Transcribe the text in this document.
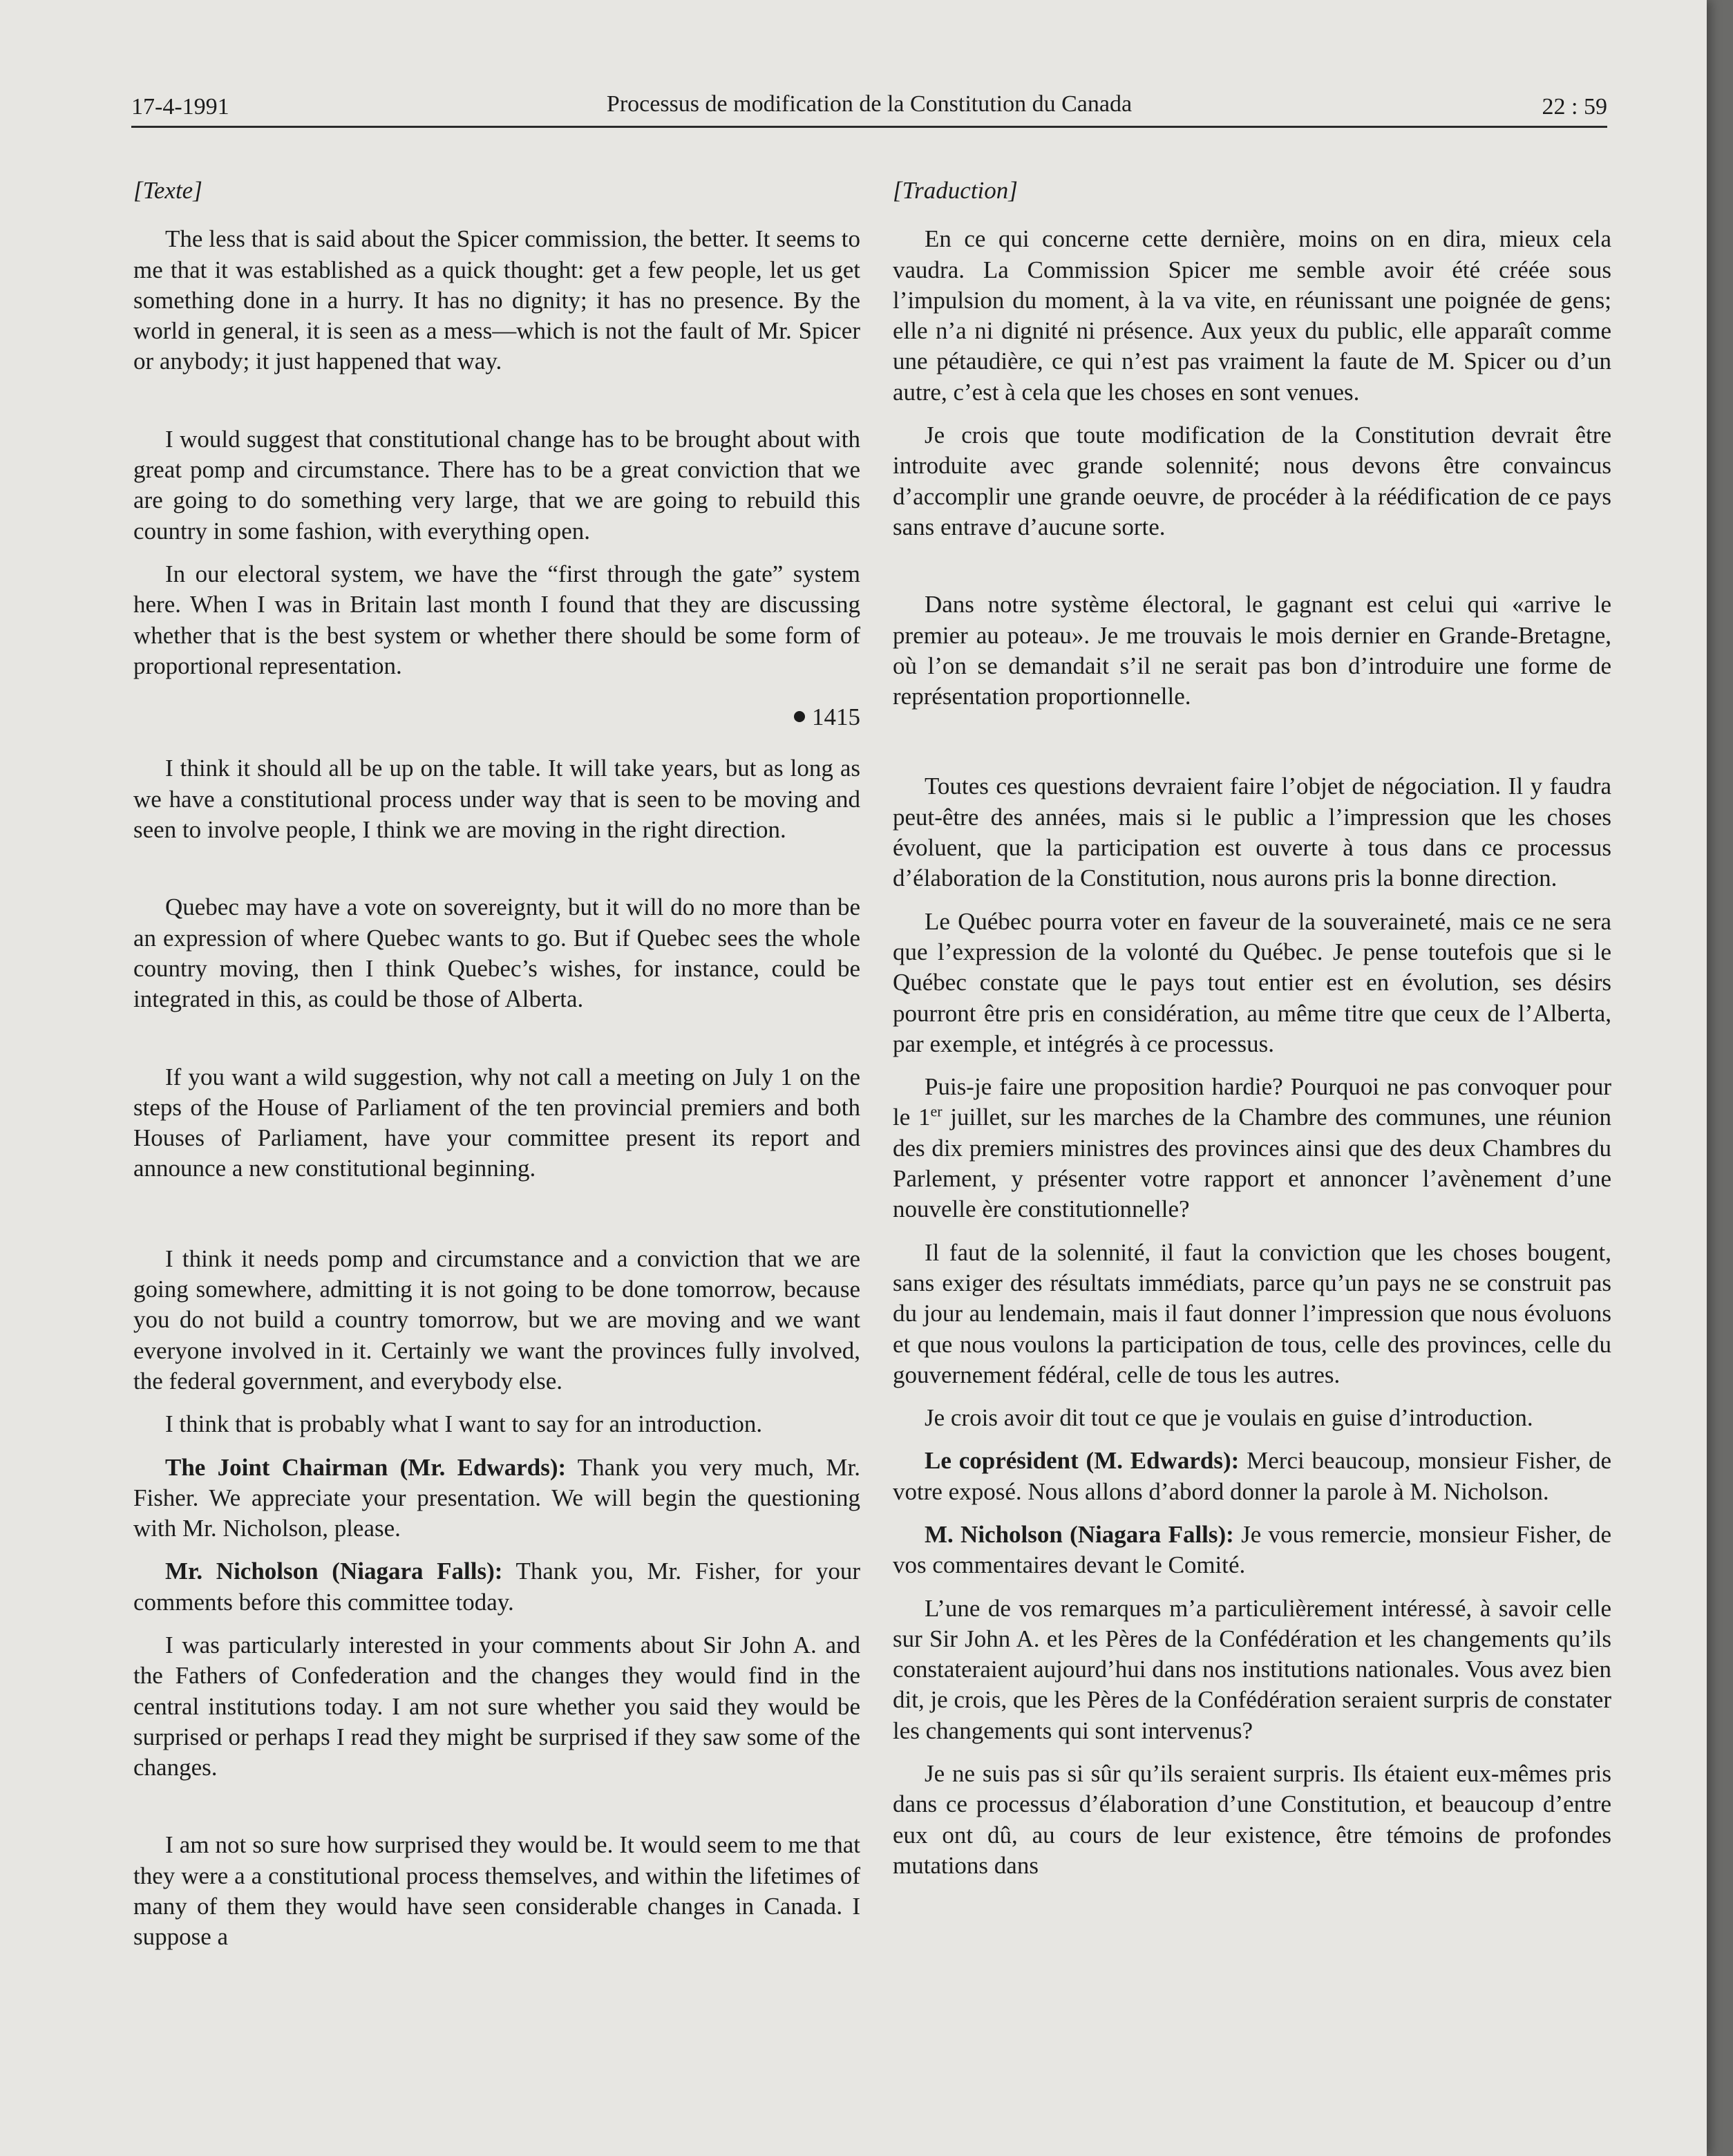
17-4-1991	Processus de modification de la Constitution du Canada	22 : 59

[Texte]

The less that is said about the Spicer commission, the better. It seems to me that it was established as a quick thought: get a few people, let us get something done in a hurry. It has no dignity; it has no presence. By the world in general, it is seen as a mess—which is not the fault of Mr. Spicer or anybody; it just happened that way.

I would suggest that constitutional change has to be brought about with great pomp and circumstance. There has to be a great conviction that we are going to do something very large, that we are going to rebuild this country in some fashion, with everything open.

In our electoral system, we have the “first through the gate” system here. When I was in Britain last month I found that they are discussing whether that is the best system or whether there should be some form of proportional representation.

1415

I think it should all be up on the table. It will take years, but as long as we have a constitutional process under way that is seen to be moving and seen to involve people, I think we are moving in the right direction.

Quebec may have a vote on sovereignty, but it will do no more than be an expression of where Quebec wants to go. But if Quebec sees the whole country moving, then I think Quebec’s wishes, for instance, could be integrated in this, as could be those of Alberta.

If you want a wild suggestion, why not call a meeting on July 1 on the steps of the House of Parliament of the ten provincial premiers and both Houses of Parliament, have your committee present its report and announce a new constitutional beginning.

I think it needs pomp and circumstance and a conviction that we are going somewhere, admitting it is not going to be done tomorrow, because you do not build a country tomorrow, but we are moving and we want everyone involved in it. Certainly we want the provinces fully involved, the federal government, and everybody else.

I think that is probably what I want to say for an introduction.

The Joint Chairman (Mr. Edwards): Thank you very much, Mr. Fisher. We appreciate your presentation. We will begin the questioning with Mr. Nicholson, please.

Mr. Nicholson (Niagara Falls): Thank you, Mr. Fisher, for your comments before this committee today.

I was particularly interested in your comments about Sir John A. and the Fathers of Confederation and the changes they would find in the central institutions today. I am not sure whether you said they would be surprised or perhaps I read they might be surprised if they saw some of the changes.

I am not so sure how surprised they would be. It would seem to me that they were a a constitutional process themselves, and within the lifetimes of many of them they would have seen considerable changes in Canada. I suppose a

[Traduction]

En ce qui concerne cette dernière, moins on en dira, mieux cela vaudra. La Commission Spicer me semble avoir été créée sous l’impulsion du moment, à la va vite, en réunissant une poignée de gens; elle n’a ni dignité ni présence. Aux yeux du public, elle apparaît comme une pétaudière, ce qui n’est pas vraiment la faute de M. Spicer ou d’un autre, c’est à cela que les choses en sont venues.

Je crois que toute modification de la Constitution devrait être introduite avec grande solennité; nous devons être convaincus d’accomplir une grande oeuvre, de procéder à la réédification de ce pays sans entrave d’aucune sorte.

Dans notre système électoral, le gagnant est celui qui «arrive le premier au poteau». Je me trouvais le mois dernier en Grande-Bretagne, où l’on se demandait s’il ne serait pas bon d’introduire une forme de représentation proportionnelle.

Toutes ces questions devraient faire l’objet de négociation. Il y faudra peut-être des années, mais si le public a l’impression que les choses évoluent, que la participation est ouverte à tous dans ce processus d’élaboration de la Constitution, nous aurons pris la bonne direction.

Le Québec pourra voter en faveur de la souveraineté, mais ce ne sera que l’expression de la volonté du Québec. Je pense toutefois que si le Québec constate que le pays tout entier est en évolution, ses désirs pourront être pris en considération, au même titre que ceux de l’Alberta, par exemple, et intégrés à ce processus.

Puis-je faire une proposition hardie? Pourquoi ne pas convoquer pour le 1er juillet, sur les marches de la Chambre des communes, une réunion des dix premiers ministres des provinces ainsi que des deux Chambres du Parlement, y présenter votre rapport et annoncer l’avènement d’une nouvelle ère constitutionnelle?

Il faut de la solennité, il faut la conviction que les choses bougent, sans exiger des résultats immédiats, parce qu’un pays ne se construit pas du jour au lendemain, mais il faut donner l’impression que nous évoluons et que nous voulons la participation de tous, celle des provinces, celle du gouvernement fédéral, celle de tous les autres.

Je crois avoir dit tout ce que je voulais en guise d’introduction.

Le coprésident (M. Edwards): Merci beaucoup, monsieur Fisher, de votre exposé. Nous allons d’abord donner la parole à M. Nicholson.

M. Nicholson (Niagara Falls): Je vous remercie, monsieur Fisher, de vos commentaires devant le Comité.

L’une de vos remarques m’a particulièrement intéressé, à savoir celle sur Sir John A. et les Pères de la Confédération et les changements qu’ils constateraient aujourd’hui dans nos institutions nationales. Vous avez bien dit, je crois, que les Pères de la Confédération seraient surpris de constater les changements qui sont intervenus?

Je ne suis pas si sûr qu’ils seraient surpris. Ils étaient eux-mêmes pris dans ce processus d’élaboration d’une Constitution, et beaucoup d’entre eux ont dû, au cours de leur existence, être témoins de profondes mutations dans
